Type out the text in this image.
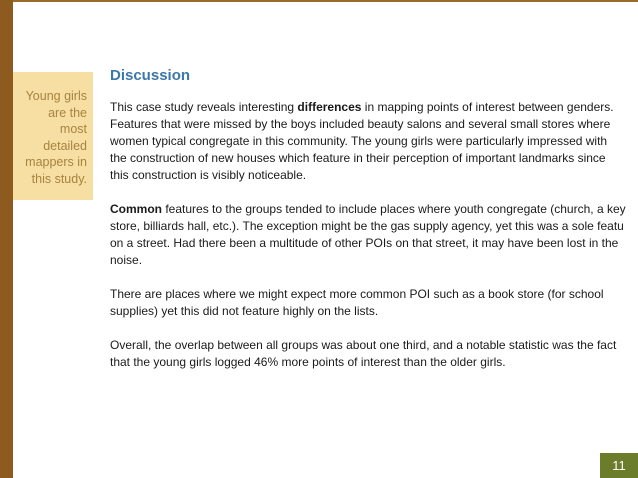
Young girls
are the
most
detailed
mappers in
this study.
Discussion
This case study reveals interesting differences in mapping points of interest between genders.
Features that were missed by the boys included beauty salons and several small stores where
women typical congregate in this community. The young girls were particularly impressed with
the construction of new houses which feature in their perception of important landmarks since
this construction is visibly noticeable.
Common features to the groups tended to include places where youth congregate (church, a key
store, billiards hall, etc.). The exception might be the gas supply agency, yet this was a sole featu
on a street. Had there been a multitude of other POIs on that street, it may have been lost in the
noise.
There are places where we might expect more common POI such as a book store (for school
supplies) yet this did not feature highly on the lists.
Overall, the overlap between all groups was about one third, and a notable statistic was the fact
that the young girls logged 46% more points of interest than the older girls.
11
